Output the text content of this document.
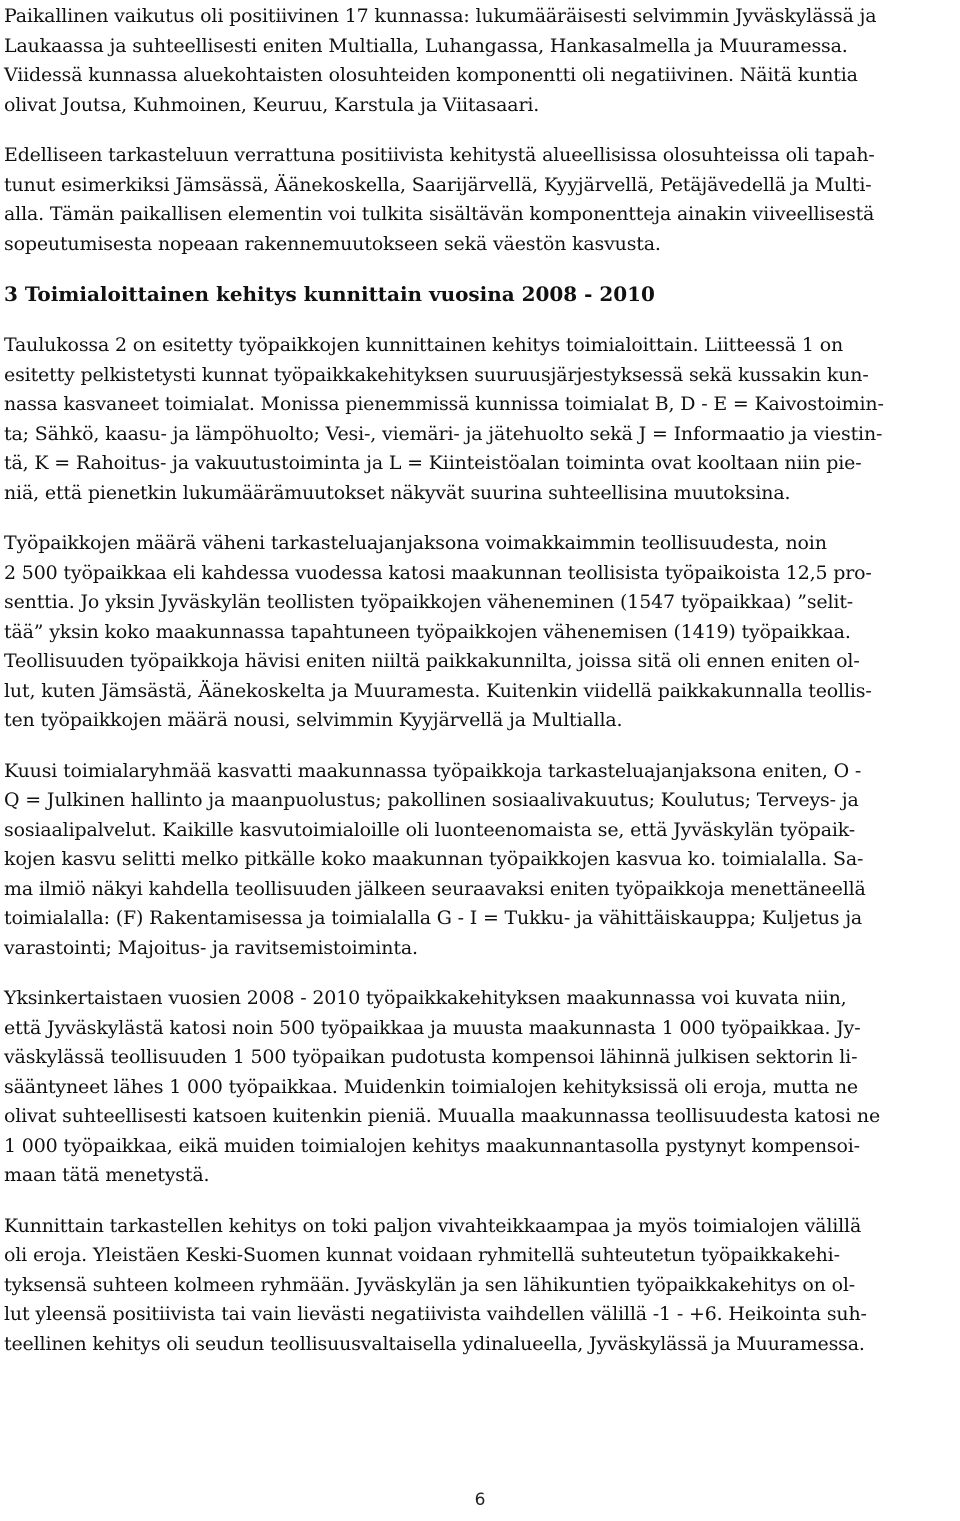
Paikallinen vaikutus oli positiivinen 17 kunnassa: lukumääräisesti selvimmin Jyväskylässä ja
Laukaassa ja suhteellisesti eniten Multialla, Luhangassa, Hankasalmella ja Muuramessa.
Viidessä kunnassa aluekohtaisten olosuhteiden komponentti oli negatiivinen. Näitä kuntia
olivat Joutsa, Kuhmoinen, Keuruu, Karstula ja Viitasaari.
Edelliseen tarkasteluun verrattuna positiivista kehitystä alueellisissa olosuhteissa oli tapah-
tunut esimerkiksi Jämsässä, Äänekoskella, Saarijärvellä, Kyyjärvellä, Petäjävedellä ja Multi-
alla. Tämän paikallisen elementin voi tulkita sisältävän komponentteja ainakin viiveellisestä
sopeutumisesta nopeaan rakennemuutokseen sekä väestön kasvusta.
3 Toimialoittainen kehitys kunnittain vuosina 2008 - 2010
Taulukossa 2 on esitetty työpaikkojen kunnittainen kehitys toimialoittain. Liitteessä 1 on
esitetty pelkistetysti kunnat työpaikkakehityksen suuruusjärjestyksessä sekä kussakin kun-
nassa kasvaneet toimialat. Monissa pienemmissä kunnissa toimialat B, D - E = Kaivostoimin-
ta; Sähkö, kaasu- ja lämpöhuolto; Vesi-, viemäri- ja jätehuolto sekä J = Informaatio ja viestin-
tä, K = Rahoitus- ja vakuutustoiminta ja L = Kiinteistöalan toiminta ovat kooltaan niin pie-
niä, että pienetkin lukumäärämuutokset näkyvät suurina suhteellisina muutoksina.
Työpaikkojen määrä väheni tarkasteluajanjaksona voimakkaimmin teollisuudesta, noin
2 500 työpaikkaa eli kahdessa vuodessa katosi maakunnan teollisista työpaikoista 12,5 pro-
senttia. Jo yksin Jyväskylän teollisten työpaikkojen väheneminen (1547 työpaikkaa) ”selit-
tää” yksin koko maakunnassa tapahtuneen työpaikkojen vähenemisen (1419) työpaikkaa.
Teollisuuden työpaikkoja hävisi eniten niiltä paikkakunnilta, joissa sitä oli ennen eniten ol-
lut, kuten Jämsästä, Äänekoskelta ja Muuramesta. Kuitenkin viidellä paikkakunnalla teollis-
ten työpaikkojen määrä nousi, selvimmin Kyyjärvellä ja Multialla.
Kuusi toimialaryhmää kasvatti maakunnassa työpaikkoja tarkasteluajanjaksona eniten, O -
Q = Julkinen hallinto ja maanpuolustus; pakollinen sosiaalivakuutus; Koulutus; Terveys- ja
sosiaalipalvelut. Kaikille kasvutoimialoille oli luonteenomaista se, että Jyväskylän työpaik-
kojen kasvu selitti melko pitkälle koko maakunnan työpaikkojen kasvua ko. toimialalla. Sa-
ma ilmiö näkyi kahdella teollisuuden jälkeen seuraavaksi eniten työpaikkoja menettäneellä
toimialalla: (F) Rakentamisessa ja toimialalla G - I = Tukku- ja vähittäiskauppa; Kuljetus ja
varastointi; Majoitus- ja ravitsemistoiminta.
Yksinkertaistaen vuosien 2008 - 2010 työpaikkakehityksen maakunnassa voi kuvata niin,
että Jyväskylästä katosi noin 500 työpaikkaa ja muusta maakunnasta 1 000 työpaikkaa. Jy-
väskylässä teollisuuden 1 500 työpaikan pudotusta kompensoi lähinnä julkisen sektorin li-
sääntyneet lähes 1 000 työpaikkaa. Muidenkin toimialojen kehityksissä oli eroja, mutta ne
olivat suhteellisesti katsoen kuitenkin pieniä. Muualla maakunnassa teollisuudesta katosi ne
1 000 työpaikkaa, eikä muiden toimialojen kehitys maakunnantasolla pystynyt kompensoi-
maan tätä menetystä.
Kunnittain tarkastellen kehitys on toki paljon vivahteikkaampaa ja myös toimialojen välillä
oli eroja. Yleistäen Keski-Suomen kunnat voidaan ryhmitellä suhteutetun työpaikkakehi-
tyksensä suhteen kolmeen ryhmään. Jyväskylän ja sen lähikuntien työpaikkakehitys on ol-
lut yleensä positiivista tai vain lievästi negatiivista vaihdellen välillä -1 - +6. Heikointa suh-
teellinen kehitys oli seudun teollisuusvaltaisella ydinalueella, Jyväskylässä ja Muuramessa.
6
